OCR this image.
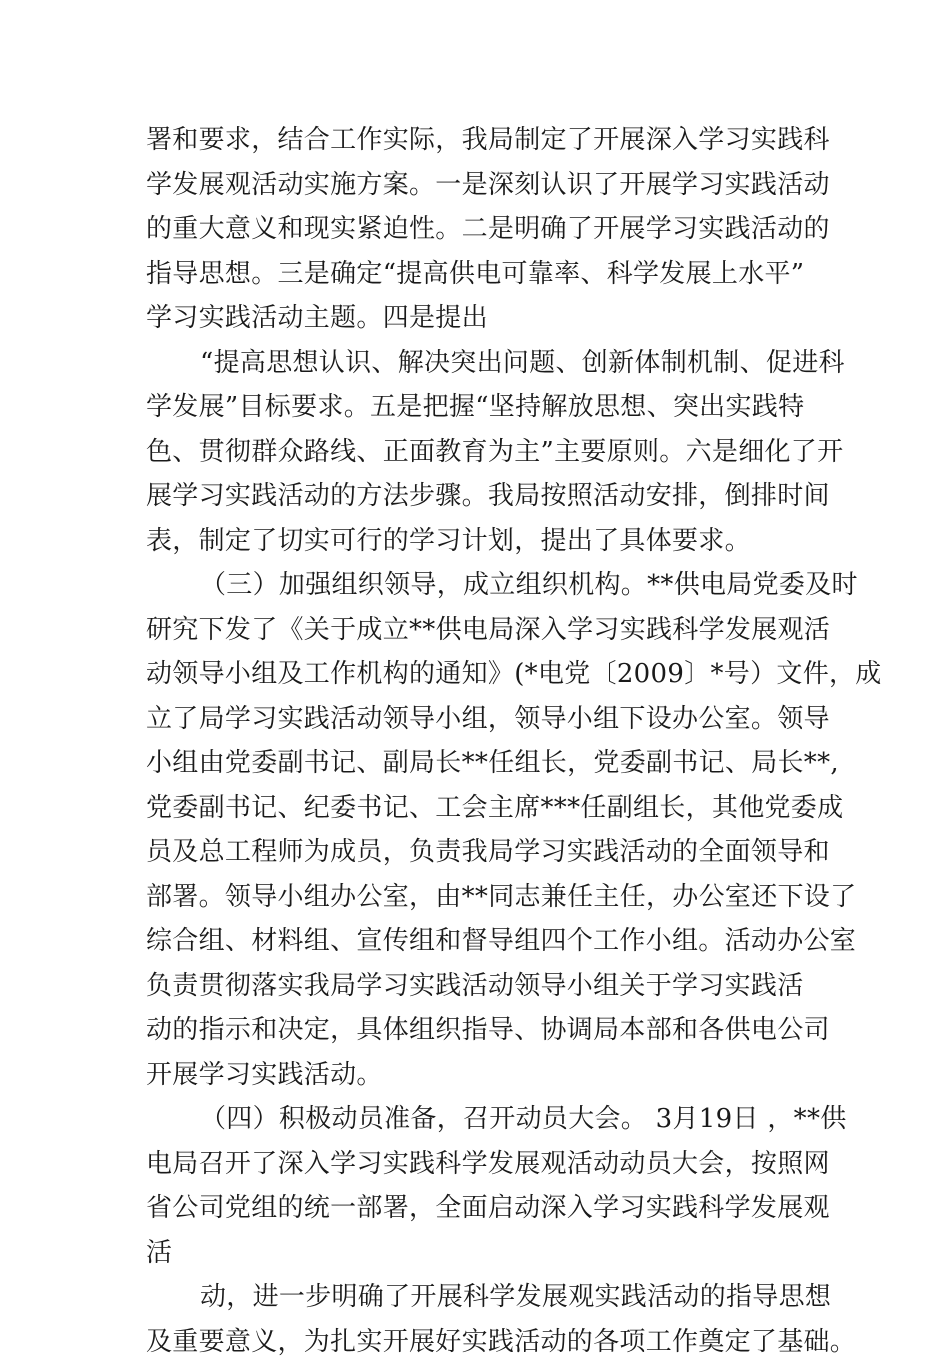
署和要求，结合工作实际，我局制定了开展深入学习实践科
学发展观活动实施方案。一是深刻认识了开展学习实践活动
的重大意义和现实紧迫性。二是明确了开展学习实践活动的
指导思想。三是确定“提高供电可靠率、科学发展上水平”
学习实践活动主题。四是提出
“提高思想认识、解决突出问题、创新体制机制、促进科
学发展”目标要求。五是把握“坚持解放思想、突出实践特
色、贯彻群众路线、正面教育为主”主要原则。六是细化了开
展学习实践活动的方法步骤。我局按照活动安排，倒排时间
表，制定了切实可行的学习计划，提出了具体要求。
（三）加强组织领导，成立组织机构。**供电局党委及时
研究下发了《关于成立**供电局深入学习实践科学发展观活
动领导小组及工作机构的通知》(*电党〔2009〕*号）文件，成
立了局学习实践活动领导小组，领导小组下设办公室。领导
小组由党委副书记、副局长**任组长，党委副书记、局长**,
党委副书记、纪委书记、工会主席***任副组长，其他党委成
员及总工程师为成员，负责我局学习实践活动的全面领导和
部署。领导小组办公室，由**同志兼任主任，办公室还下设了
综合组、材料组、宣传组和督导组四个工作小组。活动办公室
负责贯彻落实我局学习实践活动领导小组关于学习实践活
动的指示和决定，具体组织指导、协调局本部和各供电公司
开展学习实践活动。
（四）积极动员准备，召开动员大会。 3月19日 ，**供
电局召开了深入学习实践科学发展观活动动员大会，按照网
省公司党组的统一部署，全面启动深入学习实践科学发展观
活
动，进一步明确了开展科学发展观实践活动的指导思想
及重要意义，为扎实开展好实践活动的各项工作奠定了基础。
